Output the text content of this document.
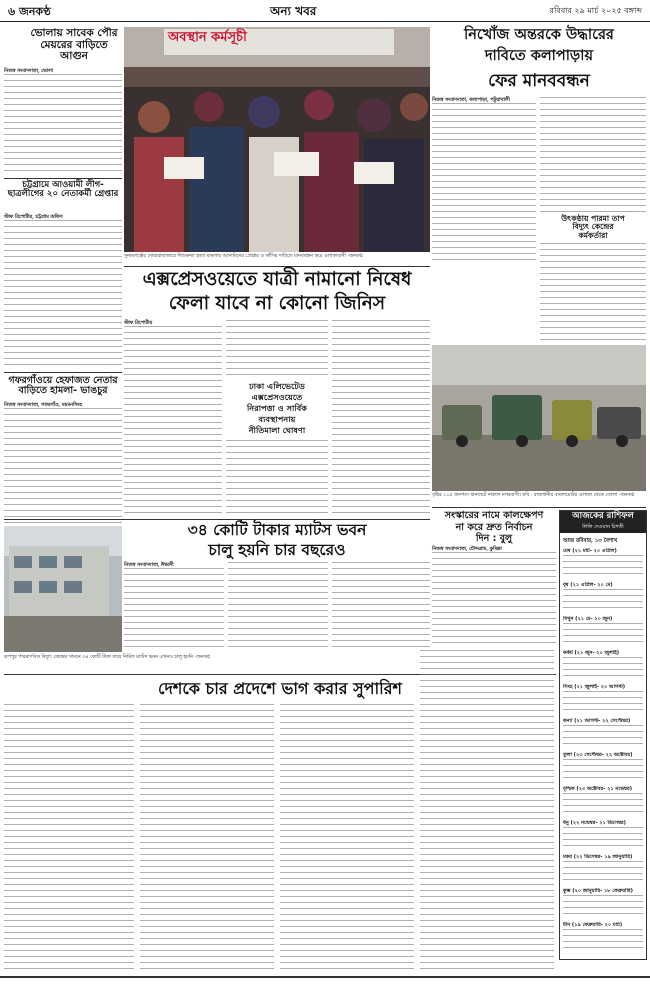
৬ জনকণ্ঠ	অন্য খবর	রবিবার ২৯ মার্চ ২০২৫ বঙ্গাব্দ
ভোলায় সাবেক পৌর মেয়রের বাড়িতে আগুন
নিজস্ব সংবাদদাতা, ভোলা
চট্টগ্রামে আওয়ামী লীগ- ছাত্রলীগের ২০ নেতাকর্মী গ্রেপ্তার
স্টাফ রিপোর্টার, চট্টগ্রাম অফিস
গফরগাঁওয়ে হেফাজত নেতার বাড়িতে হামলা- ভাঙচুর
নিজস্ব সংবাদদাতা, গফরগাঁও, ময়মনসিংহ
অবস্থান কর্মসূচী
সুনামগঞ্জের দোয়ারাবাজারে শিশুকন্যা হত্যা মামলার আসামিদের গ্রেপ্তার ও ফাঁসির দাবিতে মানববন্ধন করে এলাকাবাসী -জনকণ্ঠ
নিখোঁজ অন্তরকে উদ্ধারের
দাবিতে কলাপাড়ায়
ফের মানববন্ধন
নিজস্ব সংবাদদাতা, কলাপাড়া, পটুয়াখালী
উৎকণ্ঠায় পারমা তাপ
বিদ্যুৎ কেন্দ্রের
কর্মকর্তারা
এক্সপ্রেসওয়েতে যাত্রী নামানো নিষেধ
ফেলা যাবে না কোনো জিনিস
স্টাফ রিপোর্টার
ঢাকা এলিভেটেড
এক্সপ্রেসওয়েতে
নিরাপত্তা ও সার্বিক
ব্যবস্থাপনায়
নীতিমালা ঘোষণা
বৃষ্টির ১১৫ জনপদে যানজটে নাকাল নগরবাসী। ছবি : রাজধানীর বাংলামোটর এলাকা থেকে তোলা -জনকণ্ঠ
সংস্কারের নামে কালক্ষেপণ
না করে দ্রুত নির্বাচন
দিন : বুলু
নিজস্ব সংবাদদাতা, চৌদ্দগ্রাম, কুমিল্লা
আজকের রাশিফল
লিলি দেওয়ান চিশতী
আজ রবিবার, ১৩ বৈশাখ
মেষ (২১ মার্চ- ২০ এপ্রিল)
বৃষ (২১ এপ্রিল- ২০ মে)
মিথুন (২১ মে- ২০ জুন)
কর্কট (২১ জুন- ২০ জুলাই)
সিংহ (২১ জুলাই- ২০ আগস্ট)
কন্যা (২১ আগস্ট- ২২ সেপ্টেম্বর)
তুলা (২৩ সেপ্টেম্বর- ২২ অক্টোবর)
বৃশ্চিক (২৩ অক্টোবর- ২১ নভেম্বর)
ধনু (২২ নভেম্বর- ২১ ডিসেম্বর)
মকর (২২ ডিসেম্বর- ১৯ জানুয়ারি)
কুম্ভ (২০ জানুয়ারি- ১৮ ফেব্রুয়ারি)
মীন (১৯ ফেব্রুয়ারি- ২০ মার্চ)
৩৪ কোটি টাকার ম্যাটস ভবন
চালু হয়নি চার বছরেও
নিজস্ব সংবাদদাতা, ঈশ্বরদী
রূপপুর পারমাণবিক বিদ্যুৎ কেন্দ্রের সামনে ৩৪ কোটি টাকা ব্যয়ে নির্মিত ম্যাটস ভবন এখনও চালু হয়নি -জনকণ্ঠ
দেশকে চার প্রদেশে ভাগ করার সুপারিশ
